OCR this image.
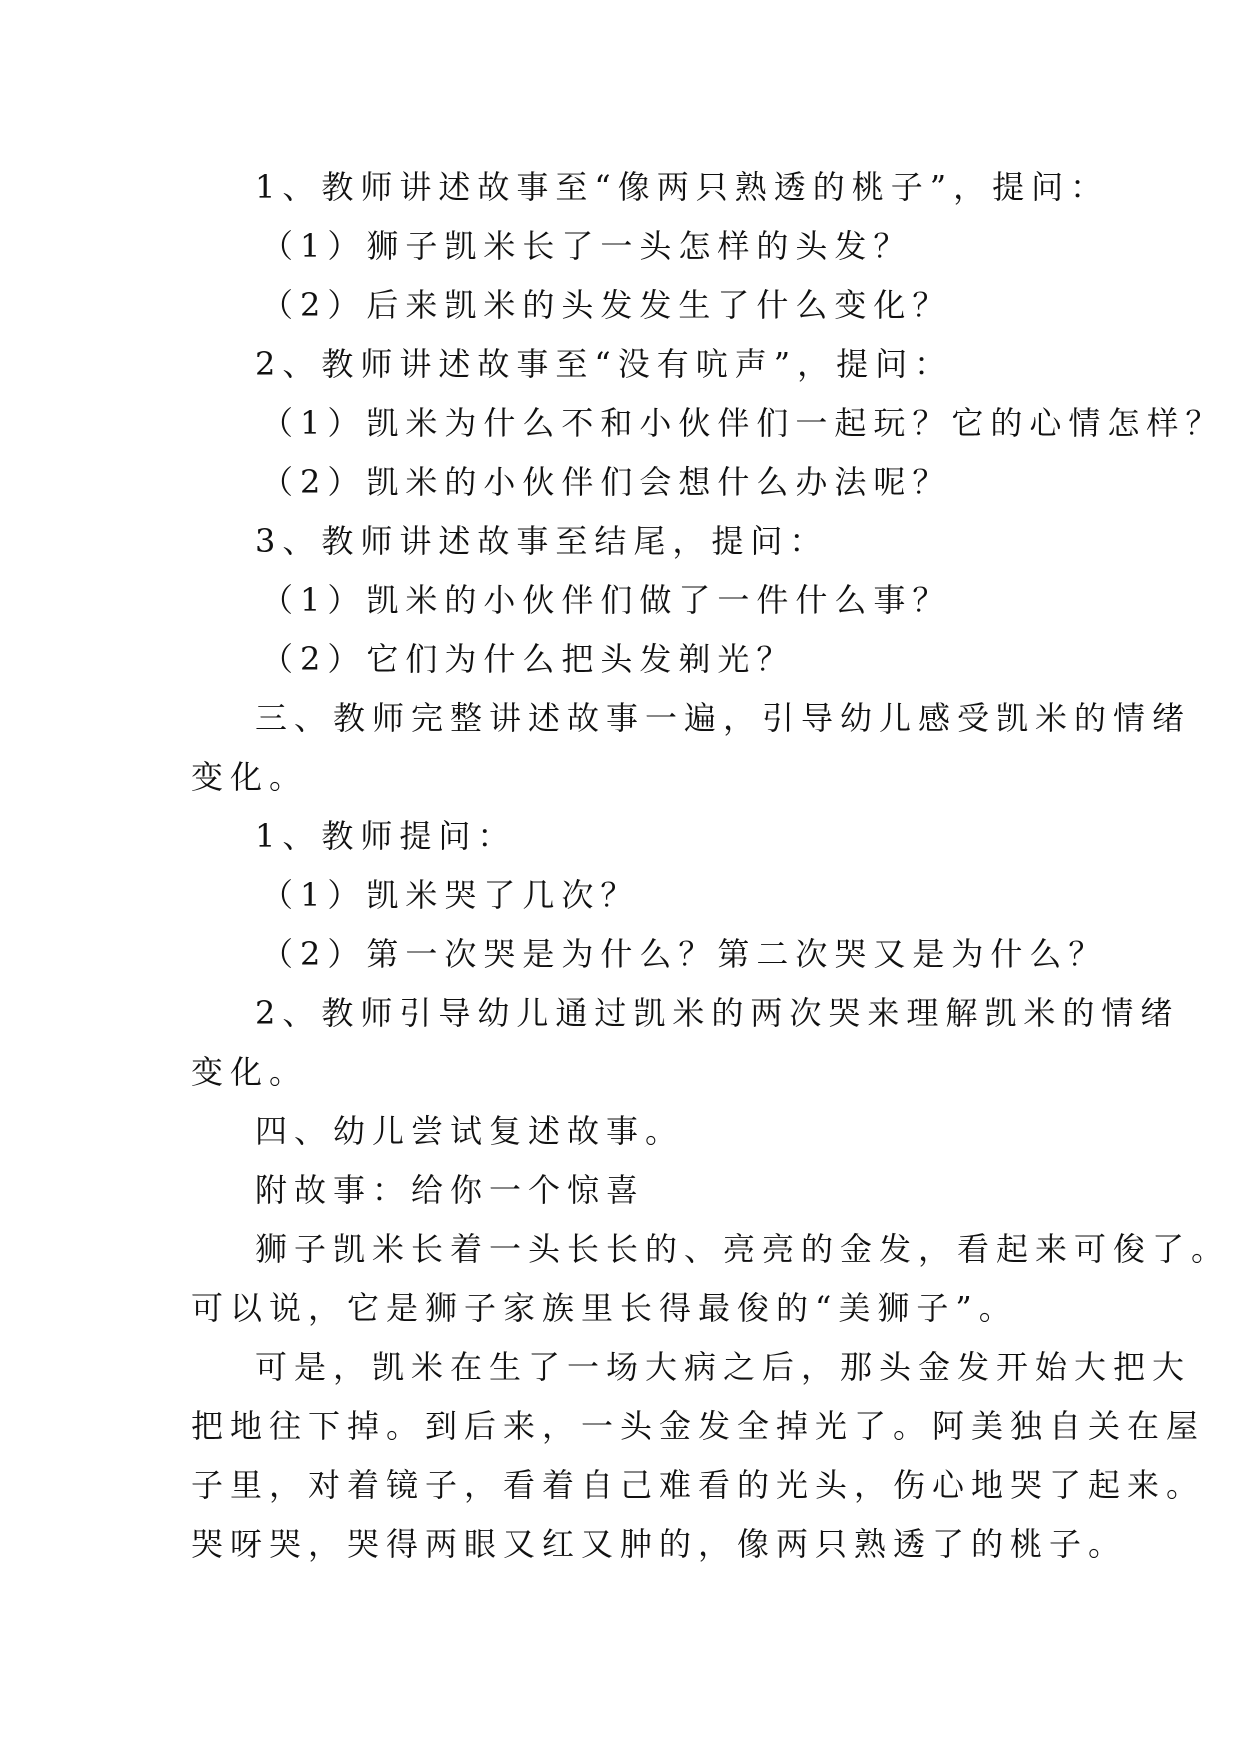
1、教师讲述故事至“像两只熟透的桃子”，提问：
（1）狮子凯米长了一头怎样的头发？
（2）后来凯米的头发发生了什么变化？
2、教师讲述故事至“没有吭声”，提问：
（1）凯米为什么不和小伙伴们一起玩？它的心情怎样？
（2）凯米的小伙伴们会想什么办法呢？
3、教师讲述故事至结尾，提问：
（1）凯米的小伙伴们做了一件什么事？
（2）它们为什么把头发剃光？
三、教师完整讲述故事一遍，引导幼儿感受凯米的情绪
变化。
1、教师提问：
（1）凯米哭了几次？
（2）第一次哭是为什么？第二次哭又是为什么？
2、教师引导幼儿通过凯米的两次哭来理解凯米的情绪
变化。
四、幼儿尝试复述故事。
附故事：给你一个惊喜
狮子凯米长着一头长长的、亮亮的金发，看起来可俊了。
可以说，它是狮子家族里长得最俊的“美狮子”。
可是，凯米在生了一场大病之后，那头金发开始大把大
把地往下掉。到后来，一头金发全掉光了。阿美独自关在屋
子里，对着镜子，看着自己难看的光头，伤心地哭了起来。
哭呀哭，哭得两眼又红又肿的，像两只熟透了的桃子。
